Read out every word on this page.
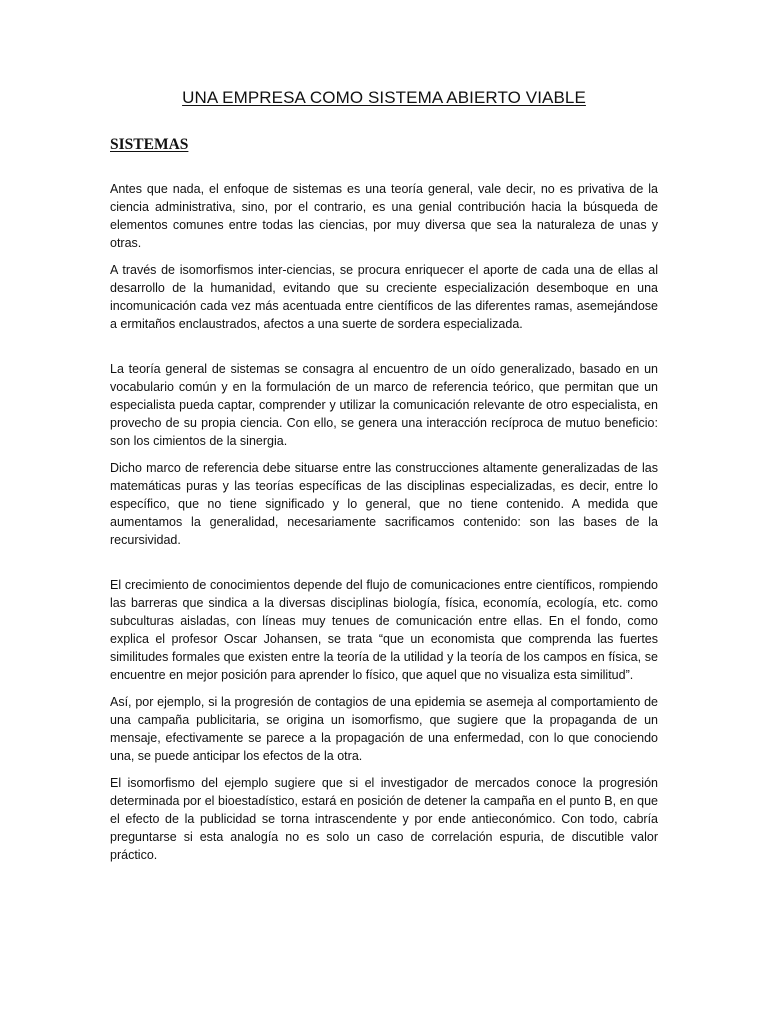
UNA EMPRESA COMO SISTEMA ABIERTO VIABLE
SISTEMAS

Antes que nada, el enfoque de sistemas es una teoría general, vale decir, no es privativa de la ciencia administrativa, sino, por el contrario, es una genial contribución hacia la búsqueda de elementos comunes entre todas las ciencias, por muy diversa que sea la naturaleza de unas y otras.

A través de isomorfismos inter-ciencias, se procura enriquecer el aporte de cada una de ellas al desarrollo de la humanidad, evitando que su creciente especialización desemboque en una incomunicación cada vez más acentuada entre científicos de las diferentes ramas, asemejándose a ermitaños enclaustrados, afectos a una suerte de sordera especializada.

La teoría general de sistemas se consagra al encuentro de un oído generalizado, basado en un vocabulario común y en la formulación de un marco de referencia teórico, que permitan que un especialista pueda captar, comprender y utilizar la comunicación relevante de otro especialista, en provecho de su propia ciencia. Con ello, se genera una interacción recíproca de mutuo beneficio: son los cimientos de la sinergia.

Dicho marco de referencia debe situarse entre las construcciones altamente generalizadas de las matemáticas puras y las teorías específicas de las disciplinas especializadas, es decir, entre lo específico, que no tiene significado y lo general, que no tiene contenido. A medida que aumentamos la generalidad, necesariamente sacrificamos contenido: son las bases de la recursividad.

El crecimiento de conocimientos depende del flujo de comunicaciones entre científicos, rompiendo las barreras que sindica a la diversas disciplinas biología, física, economía, ecología, etc. como subculturas aisladas, con líneas muy tenues de comunicación entre ellas. En el fondo, como explica el profesor Oscar Johansen, se trata “que un economista que comprenda las fuertes similitudes formales que existen entre la teoría de la utilidad y la teoría de los campos en física, se encuentre en mejor posición para aprender lo físico, que aquel que no visualiza esta similitud”.

Así, por ejemplo, si la progresión de contagios de una epidemia se asemeja al comportamiento de una campaña publicitaria, se origina un isomorfismo, que sugiere que la propaganda de un mensaje, efectivamente se parece a la propagación de una enfermedad, con lo que conociendo una, se puede anticipar los efectos de la otra.

El isomorfismo del ejemplo sugiere que si el investigador de mercados conoce la progresión determinada por el bioestadístico, estará en posición de detener la campaña en el punto B, en que el efecto de la publicidad se torna intrascendente y por ende antieconómico. Con todo, cabría preguntarse si esta analogía no es solo un caso de correlación espuria, de discutible valor práctico.
